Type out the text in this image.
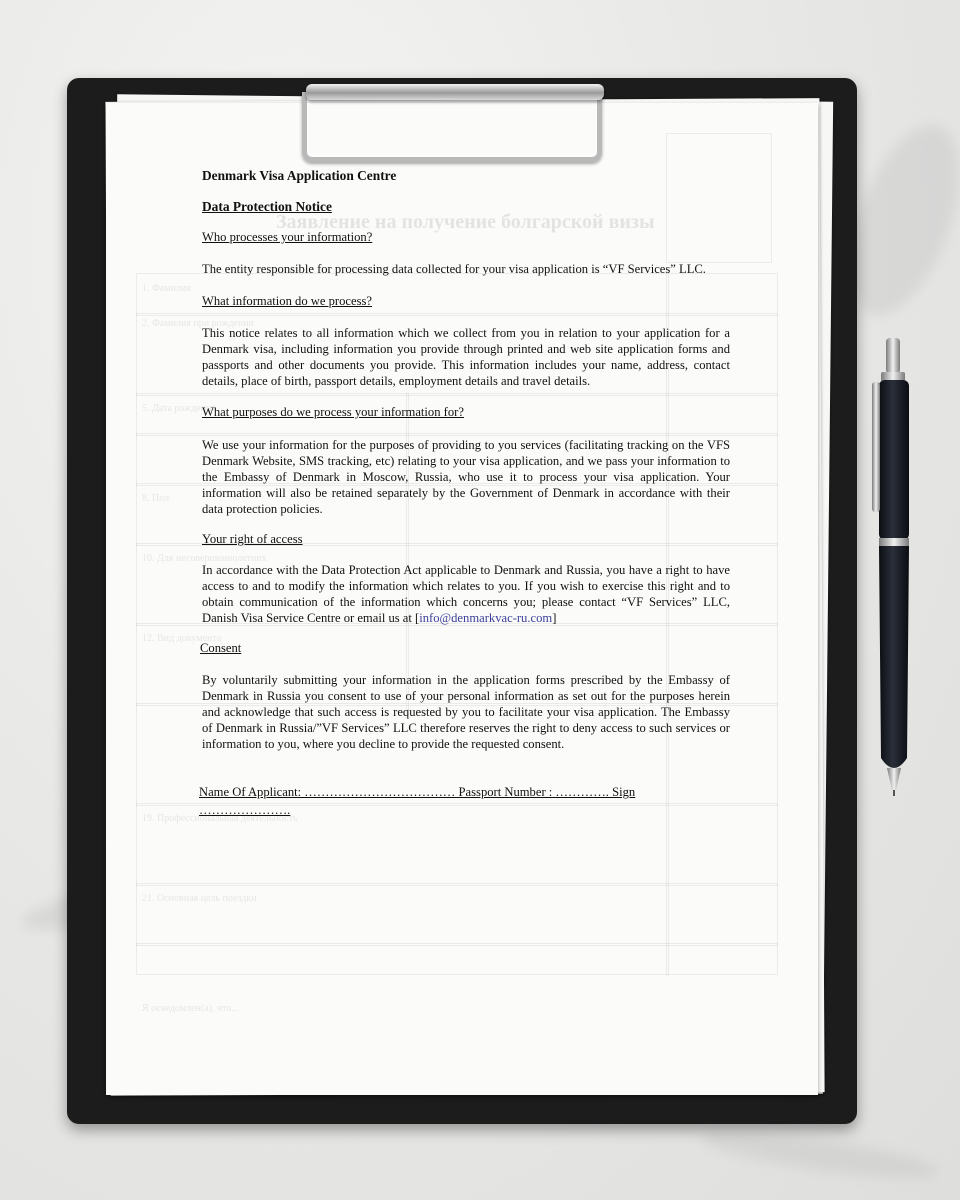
Заявление на получение болгарской визы
1. Фамилия
2. Фамилия при рождении
5. Дата рождения
8. Пол
10. Для несовершеннолетних
12. Вид документа
19. Профессиональная деятельность
21. Основная цель поездки
Я осведомлен(а), что...

Denmark Visa Application Centre

Data Protection Notice

Who processes your information?

The entity responsible for processing data collected for your visa application is “VF Services” LLC.

What information do we process?

This notice relates to all information which we collect from you in relation to your application for a Denmark visa, including information you provide through printed and web site application forms and passports and other documents you provide. This information includes your name, address, contact details, place of birth, passport details, employment details and travel details.

What purposes do we process your information for?

We use your information for the purposes of providing to you services (facilitating tracking on the VFS Denmark Website, SMS tracking, etc) relating to your visa application, and we pass your information to the Embassy of Denmark in Moscow, Russia, who use it to process your visa application. Your information will also be retained separately by the Government of Denmark in accordance with their data protection policies.

Your right of access

In accordance with the Data Protection Act applicable to Denmark and Russia, you have a right to have access to and to modify the information which relates to you. If you wish to exercise this right and to obtain communication of the information which concerns you; please contact “VF Services” LLC, Danish Visa Service Centre or email us at [info@denmarkvac-ru.com]

Consent

By voluntarily submitting your information in the application forms prescribed by the Embassy of Denmark in Russia you consent to use of your personal information as set out for the purposes herein and acknowledge that such access is requested by you to facilitate your visa application. The Embassy of Denmark in Russia/”VF Services” LLC therefore reserves the right to deny access to such services or information to you, where you decline to provide the requested consent.

Name Of Applicant: ……………………………… Passport Number : …………. Sign

………………….
